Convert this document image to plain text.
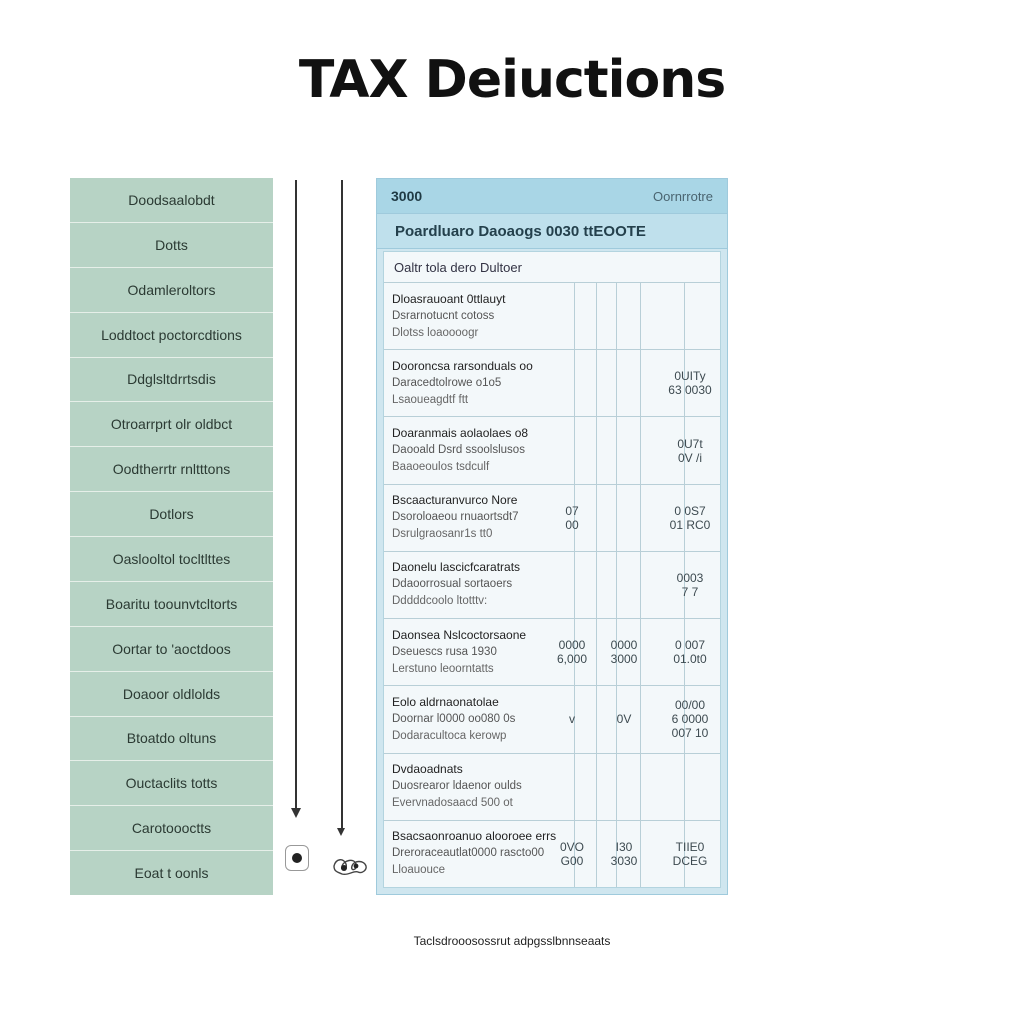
TAX Deiuctions
Doodsaalobdt
Dotts
Odamleroltors
Loddtoct poctorcdtions
Ddglsltdrrtsdis
Otroarrprt olr oldbct
Oodtherrtr rnltttons
Dotlors
Oaslooltol tocltlttes
Boaritu toounvtcltorts
Oortar to 'aoctdoos
Doaoor oldlolds
Btoatdo oltuns
Ouctaclits totts
Carotoooctts
Eoat t oonls
3000	Oornrrotre
Poardluaro Daoaogs 0030 ttEOOTE
Oaltr tola dero Dultoer
Dloasrauoant 0ttlauyt
Dsrarnotucnt cotoss
Dlotss loaoooogr
Dooroncsa rarsonduals oo
Daracedtolrowe o1o5
Lsaoueagdtf ftt
0UITy
63 0030
Doaranmais aolaolaes o8
Daooald Dsrd ssoolslusos
Baaoeoulos tsdculf
0U7t
0V /i
Bscaacturanvurco Nore
Dsoroloaeou rnuaortsdt7
Dsrulgraosanr1s tt0
07
00
0 0S7
01 RC0
Daonelu lascicfcaratrats
Ddaoorrosual sortaoers
Dddddcoolo ltotttv:
0003
7 7
Daonsea Nslcoctorsaone
Dseuescs rusa 1930
Lerstuno leoorntatts
0000
6,000
0000
3000
0 007
01.0t0
Eolo aldrnaonatolae
Doornar l0000 oo080 0s
Dodaracultoca kerowp
v	0V
00/00
6 0000
007 10
Dvdaoadnats
Duosrearor ldaenor oulds
Evervnadosaacd 500 ot
Bsacsaonroanuo alooroee errs
Dreroraceautlat0000 rascto00
Lloauouce
0VO
G00
I30
3030
TIIE0
DCEG
Taclsdrooosossrut adpgsslbnnseaats
